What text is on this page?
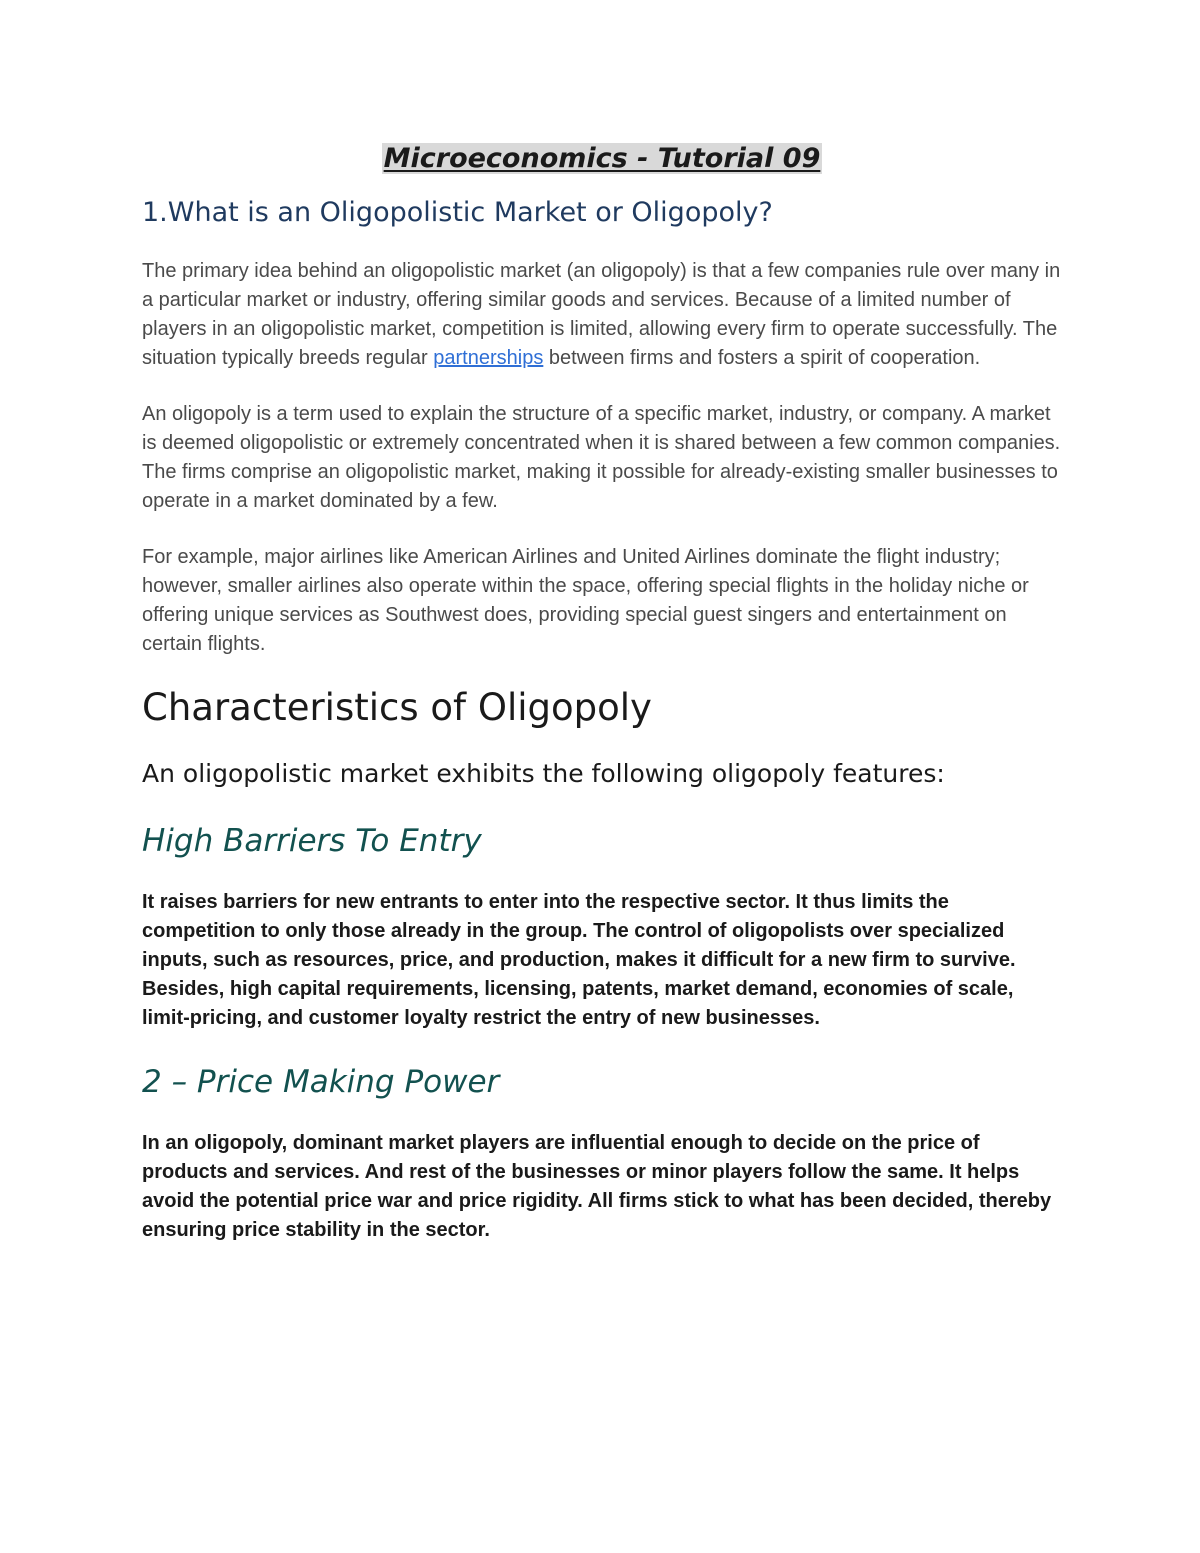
Microeconomics - Tutorial 09
1.What is an Oligopolistic Market or Oligopoly?

The primary idea behind an oligopolistic market (an oligopoly) is that a few companies rule over many in a particular market or industry, offering similar goods and services. Because of a limited number of players in an oligopolistic market, competition is limited, allowing every firm to operate successfully. The situation typically breeds regular partnerships between firms and fosters a spirit of cooperation.

An oligopoly is a term used to explain the structure of a specific market, industry, or company. A market is deemed oligopolistic or extremely concentrated when it is shared between a few common companies. The firms comprise an oligopolistic market, making it possible for already-existing smaller businesses to operate in a market dominated by a few.

For example, major airlines like American Airlines and United Airlines dominate the flight industry; however, smaller airlines also operate within the space, offering special flights in the holiday niche or offering unique services as Southwest does, providing special guest singers and entertainment on certain flights.

Characteristics of Oligopoly
An oligopolistic market exhibits the following oligopoly features:
High Barriers To Entry

It raises barriers for new entrants to enter into the respective sector. It thus limits the competition to only those already in the group. The control of oligopolists over specialized inputs, such as resources, price, and production, makes it difficult for a new firm to survive. Besides, high capital requirements, licensing, patents, market demand, economies of scale, limit-pricing, and customer loyalty restrict the entry of new businesses.

2 – Price Making Power

In an oligopoly, dominant market players are influential enough to decide on the price of products and services. And rest of the businesses or minor players follow the same. It helps avoid the potential price war and price rigidity. All firms stick to what has been decided, thereby ensuring price stability in the sector.
